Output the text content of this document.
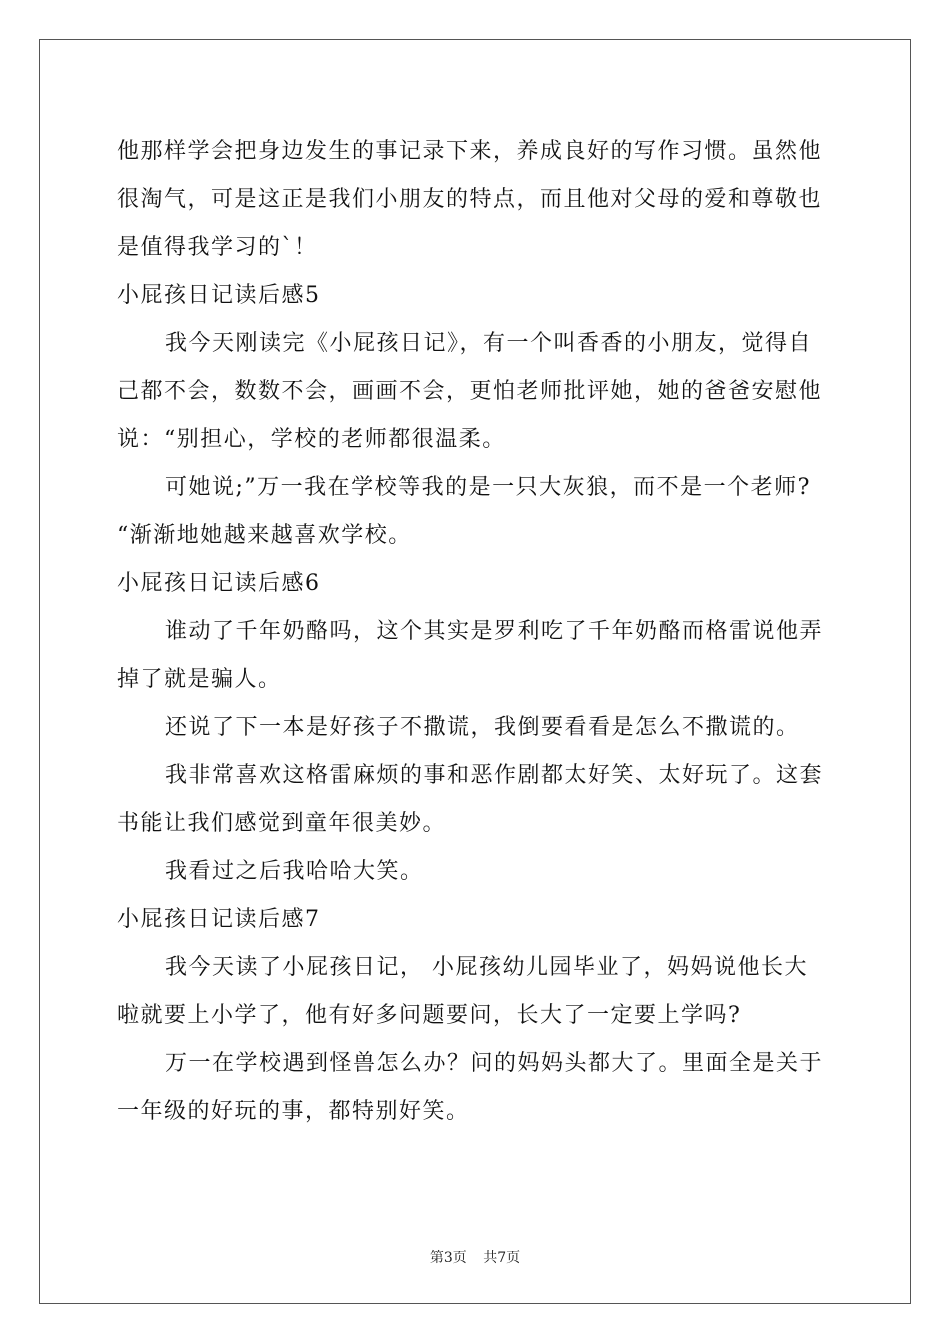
他那样学会把身边发生的事记录下来，养成良好的写作习惯。虽然他
很淘气，可是这正是我们小朋友的特点，而且他对父母的爱和尊敬也
是值得我学习的`！

小屁孩日记读后感5

我今天刚读完《小屁孩日记》，有一个叫香香的小朋友，觉得自
己都不会，数数不会，画画不会，更怕老师批评她，她的爸爸安慰他
说：“别担心，学校的老师都很温柔。

可她说;”万一我在学校等我的是一只大灰狼，而不是一个老师?
“渐渐地她越来越喜欢学校。

小屁孩日记读后感6

谁动了千年奶酪吗，这个其实是罗利吃了千年奶酪而格雷说他弄
掉了就是骗人。

还说了下一本是好孩子不撒谎，我倒要看看是怎么不撒谎的。

我非常喜欢这格雷麻烦的事和恶作剧都太好笑、太好玩了。这套
书能让我们感觉到童年很美妙。

我看过之后我哈哈大笑。

小屁孩日记读后感7

我今天读了小屁孩日记， 小屁孩幼儿园毕业了，妈妈说他长大
啦就要上小学了，他有好多问题要问，长大了一定要上学吗?

万一在学校遇到怪兽怎么办？问的妈妈头都大了。里面全是关于
一年级的好玩的事，都特别好笑。

第3页 共7页
